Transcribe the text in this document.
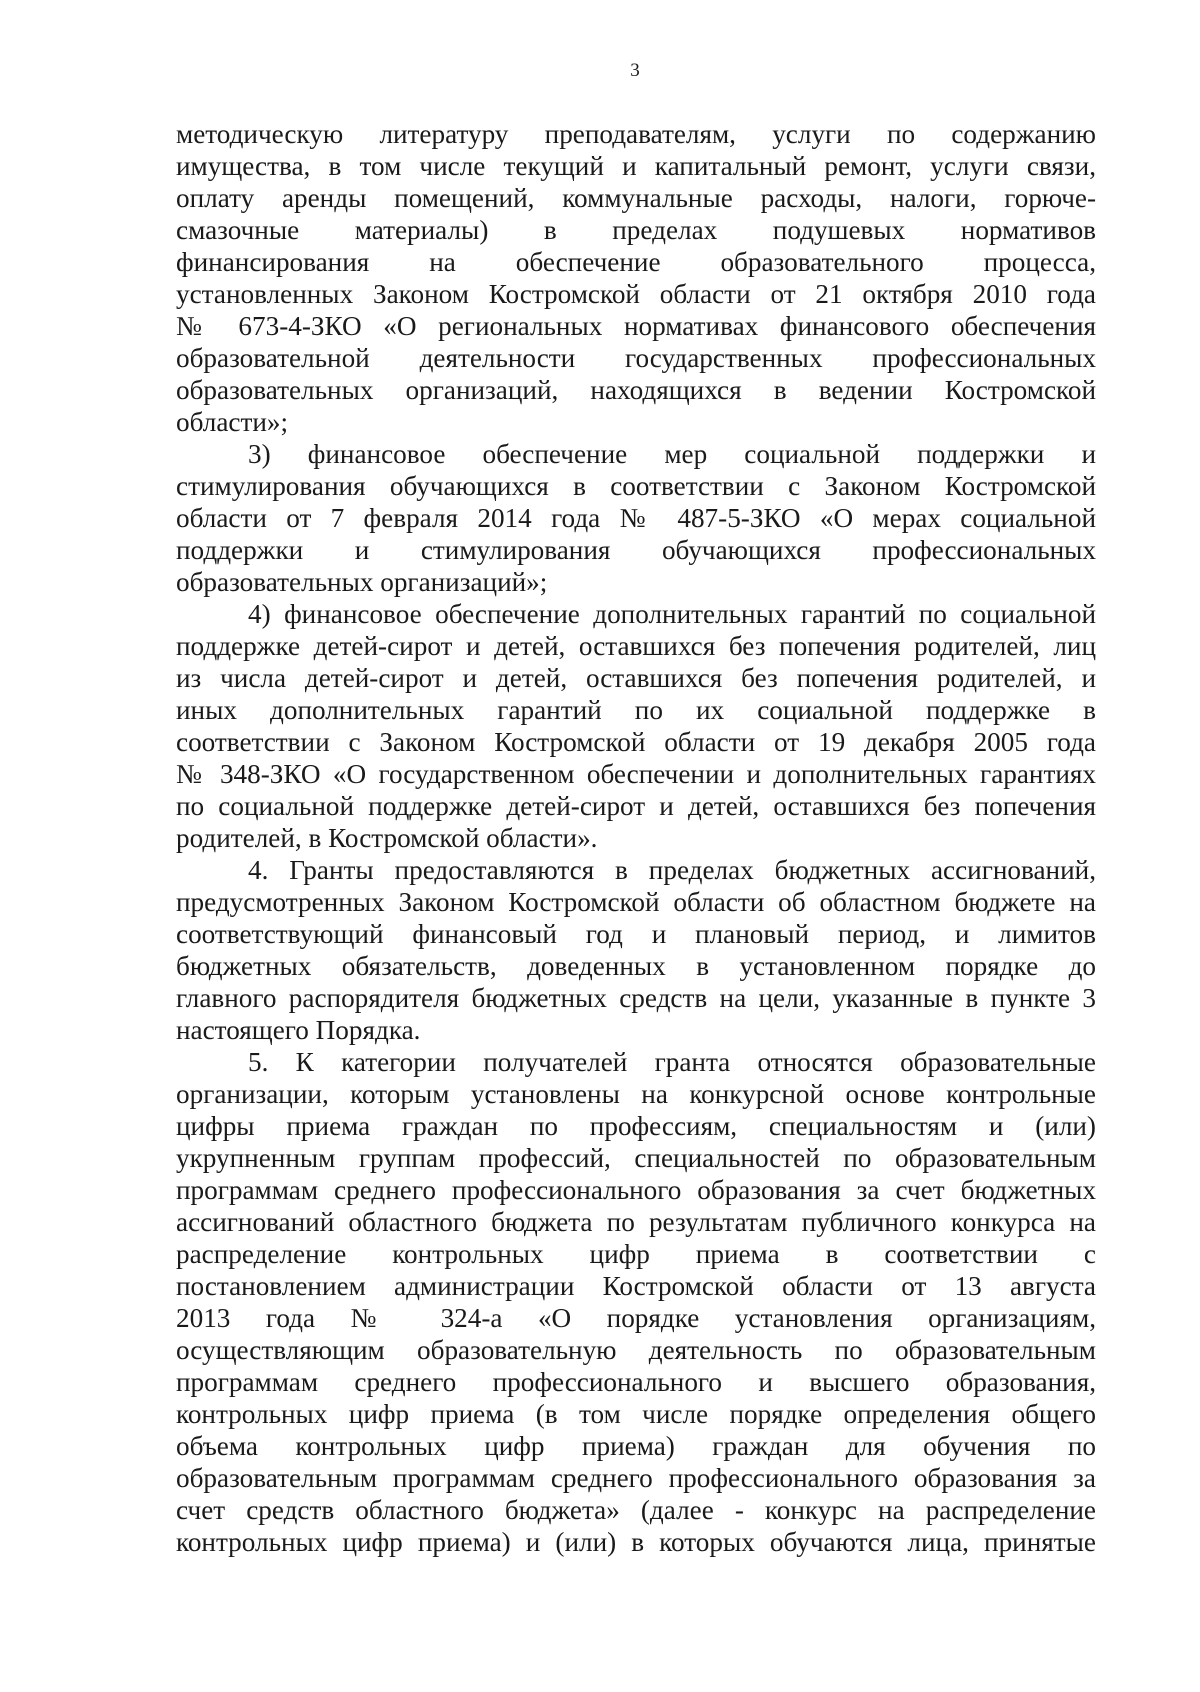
3
методическую литературу преподавателям, услуги по содержанию
имущества, в том числе текущий и капитальный ремонт, услуги связи,
оплату аренды помещений, коммунальные расходы, налоги, горюче-
смазочные материалы) в пределах подушевых нормативов
финансирования на обеспечение образовательного процесса,
установленных Законом Костромской области от 21 октября 2010 года
№ 673-4-ЗКО «О региональных нормативах финансового обеспечения
образовательной деятельности государственных профессиональных
образовательных организаций, находящихся в ведении Костромской
области»;
3) финансовое обеспечение мер социальной поддержки и
стимулирования обучающихся в соответствии с Законом Костромской
области от 7 февраля 2014 года № 487-5-ЗКО «О мерах социальной
поддержки и стимулирования обучающихся профессиональных
образовательных организаций»;
4) финансовое обеспечение дополнительных гарантий по социальной
поддержке детей-сирот и детей, оставшихся без попечения родителей, лиц
из числа детей-сирот и детей, оставшихся без попечения родителей, и
иных дополнительных гарантий по их социальной поддержке в
соответствии с Законом Костромской области от 19 декабря 2005 года
№ 348-ЗКО «О государственном обеспечении и дополнительных гарантиях
по социальной поддержке детей-сирот и детей, оставшихся без попечения
родителей, в Костромской области».
4. Гранты предоставляются в пределах бюджетных ассигнований,
предусмотренных Законом Костромской области об областном бюджете на
соответствующий финансовый год и плановый период, и лимитов
бюджетных обязательств, доведенных в установленном порядке до
главного распорядителя бюджетных средств на цели, указанные в пункте 3
настоящего Порядка.
5. К категории получателей гранта относятся образовательные
организации, которым установлены на конкурсной основе контрольные
цифры приема граждан по профессиям, специальностям и (или)
укрупненным группам профессий, специальностей по образовательным
программам среднего профессионального образования за счет бюджетных
ассигнований областного бюджета по результатам публичного конкурса на
распределение контрольных цифр приема в соответствии с
постановлением администрации Костромской области от 13 августа
2013 года № 324-а «О порядке установления организациям,
осуществляющим образовательную деятельность по образовательным
программам среднего профессионального и высшего образования,
контрольных цифр приема (в том числе порядке определения общего
объема контрольных цифр приема) граждан для обучения по
образовательным программам среднего профессионального образования за
счет средств областного бюджета» (далее - конкурс на распределение
контрольных цифр приема) и (или) в которых обучаются лица, принятые
